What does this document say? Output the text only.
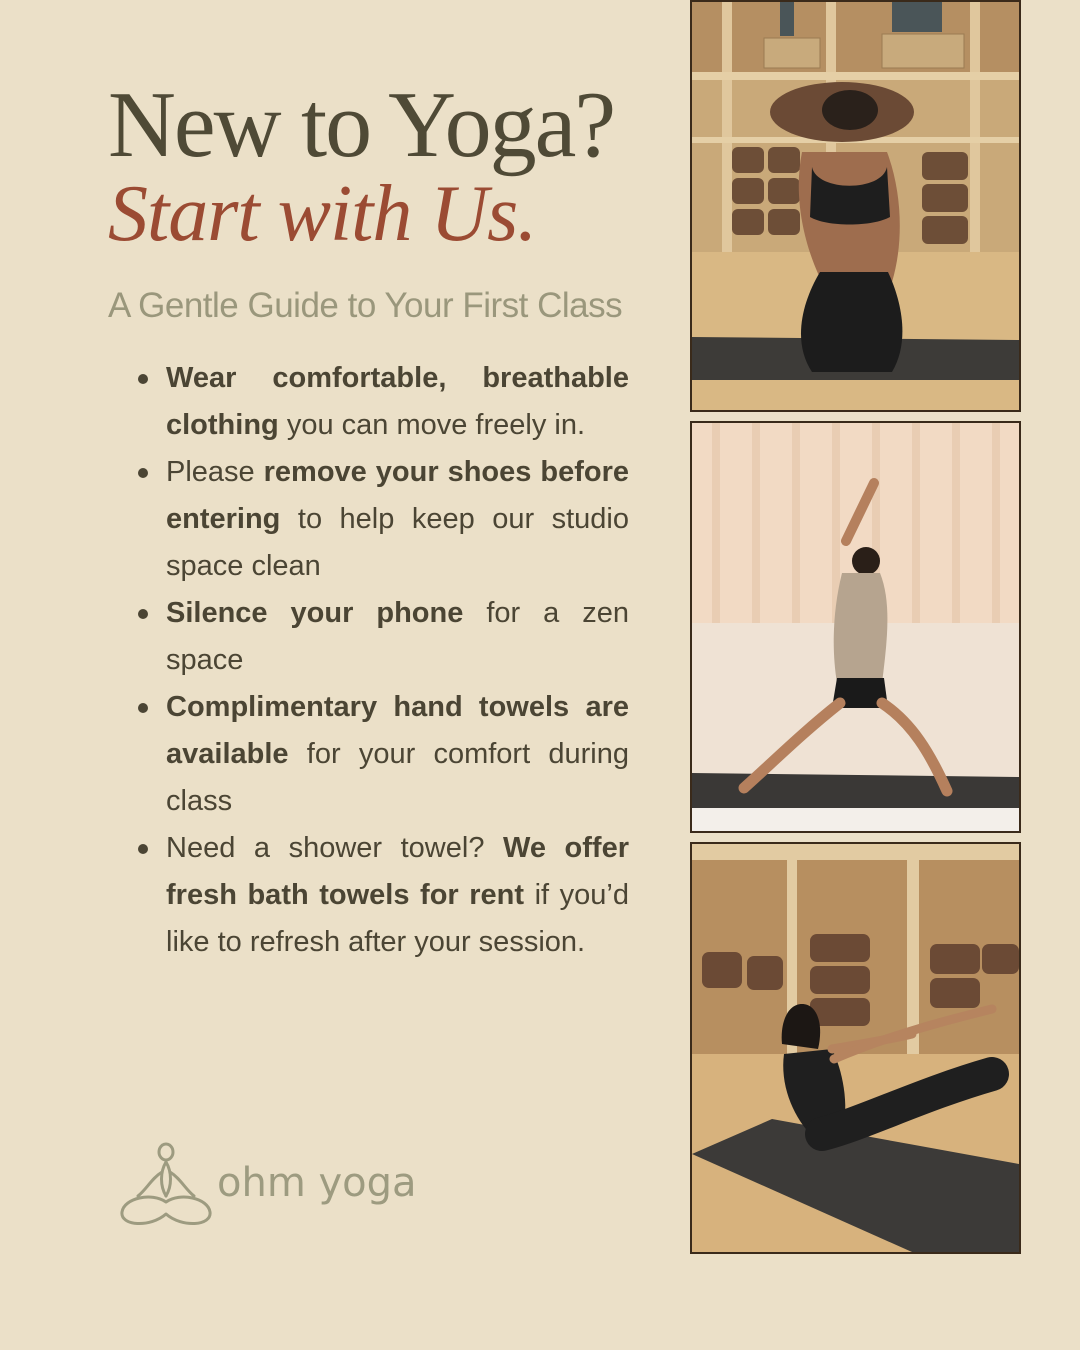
New to Yoga?
Start with Us.
A Gentle Guide to Your First Class
Wear comfortable, breathable clothing you can move freely in.
Please remove your shoes before entering to help keep our studio space clean
Silence your phone for a zen space
Complimentary hand towels are available for your comfort during class
Need a shower towel? We offer fresh bath towels for rent if you’d like to refresh after your session.
ohm yoga
